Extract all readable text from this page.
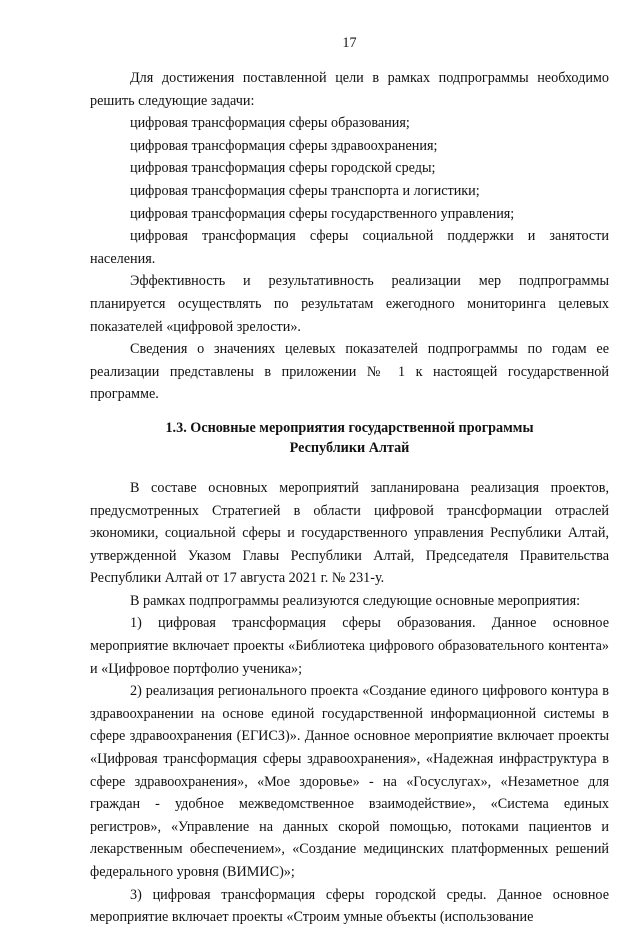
17

Для достижения поставленной цели в рамках подпрограммы необходимо решить следующие задачи:

цифровая трансформация сферы образования;

цифровая трансформация сферы здравоохранения;

цифровая трансформация сферы городской среды;

цифровая трансформация сферы транспорта и логистики;

цифровая трансформация сферы государственного управления;

цифровая трансформация сферы социальной поддержки и занятости населения.

Эффективность и результативность реализации мер подпрограммы планируется осуществлять по результатам ежегодного мониторинга целевых показателей «цифровой зрелости».

Сведения о значениях целевых показателей подпрограммы по годам ее реализации представлены в приложении № 1 к настоящей государственной программе.

1.3. Основные мероприятия государственной программы
Республики Алтай

В составе основных мероприятий запланирована реализация проектов, предусмотренных Стратегией в области цифровой трансформации отраслей экономики, социальной сферы и государственного управления Республики Алтай, утвержденной Указом Главы Республики Алтай, Председателя Правительства Республики Алтай от 17 августа 2021 г. № 231-у.

В рамках подпрограммы реализуются следующие основные мероприятия:

1) цифровая трансформация сферы образования. Данное основное мероприятие включает проекты «Библиотека цифрового образовательного контента» и «Цифровое портфолио ученика»;

2) реализация регионального проекта «Создание единого цифрового контура в здравоохранении на основе единой государственной информационной системы в сфере здравоохранения (ЕГИСЗ)». Данное основное мероприятие включает проекты «Цифровая трансформация сферы здравоохранения», «Надежная инфраструктура в сфере здравоохранения», «Мое здоровье» - на «Госуслугах», «Незаметное для граждан - удобное межведомственное взаимодействие», «Система единых регистров», «Управление на данных скорой помощью, потоками пациентов и лекарственным обеспечением», «Создание медицинских платформенных решений федерального уровня (ВИМИС)»;

3) цифровая трансформация сферы городской среды. Данное основное мероприятие включает проекты «Строим умные объекты (использование
